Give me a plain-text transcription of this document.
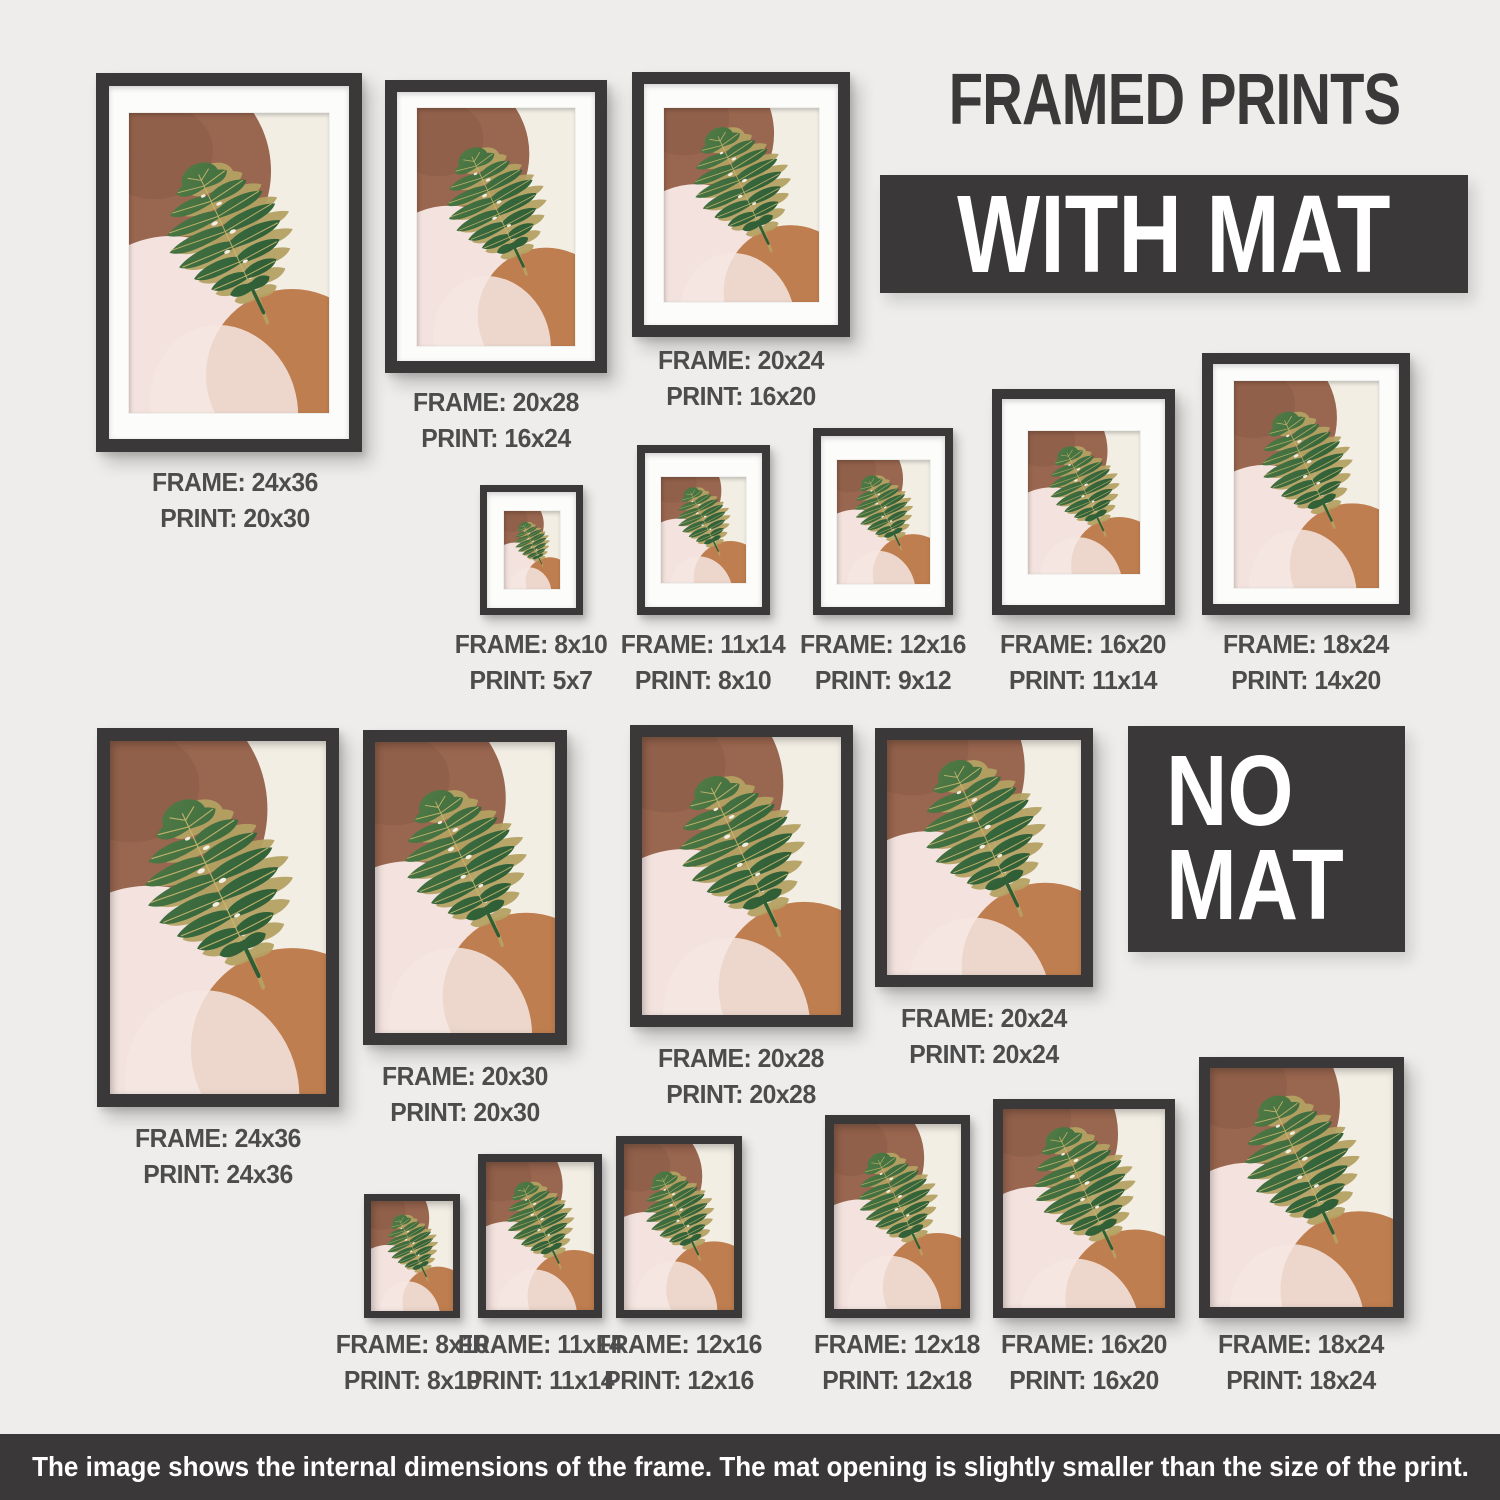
FRAMED PRINTS
WITH MAT
NO
MAT
FRAME: 24x36
PRINT: 20x30
FRAME: 20x28
PRINT: 16x24
FRAME: 20x24
PRINT: 16x20
FRAME: 8x10
PRINT: 5x7
FRAME: 11x14
PRINT: 8x10
FRAME: 12x16
PRINT: 9x12
FRAME: 16x20
PRINT: 11x14
FRAME: 18x24
PRINT: 14x20
FRAME: 24x36
PRINT: 24x36
FRAME: 20x30
PRINT: 20x30
FRAME: 20x28
PRINT: 20x28
FRAME: 20x24
PRINT: 20x24
FRAME: 8x10
PRINT: 8x10
FRAME: 11x14
PRINT: 11x14
FRAME: 12x16
PRINT: 12x16
FRAME: 12x18
PRINT: 12x18
FRAME: 16x20
PRINT: 16x20
FRAME: 18x24
PRINT: 18x24
The image shows the internal dimensions of the frame. The mat opening is slightly smaller than the size of the print.
